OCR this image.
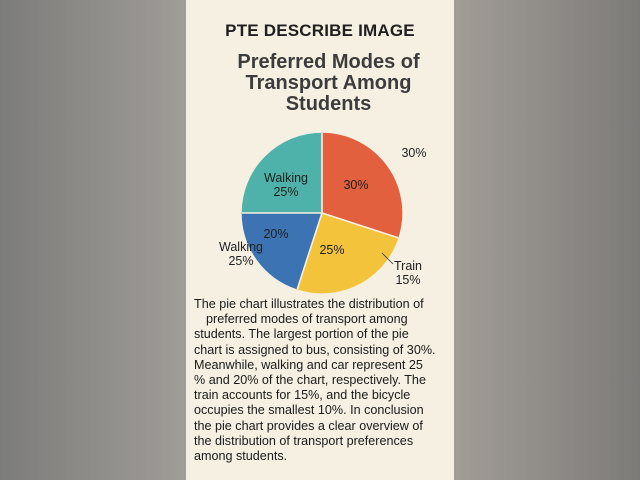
PTE DESCRIBE IMAGE
Preferred Modes of Transport Among Students
30%
30%
Train 15%
25%
20%
Walking 25%
Walking 25%
The pie chart illustrates the distribution of
preferred modes of transport among
students. The largest portion of the pie
chart is assigned to bus, consisting of 30%.
Meanwhile, walking and car represent 25
% and 20% of the chart, respectively. The
train accounts for 15%, and the bicycle
occupies the smallest 10%. In conclusion
the pie chart provides a clear overview of
the distribution of transport preferences
among students.
